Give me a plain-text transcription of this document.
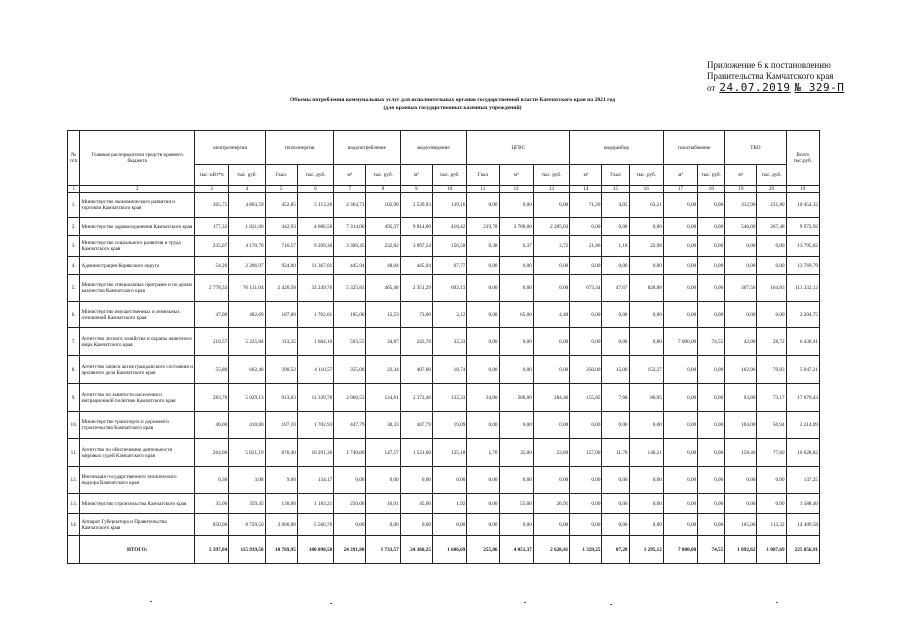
Приложение 6 к постановлению
Правительства Камчатского края
от 24.07.2019 № 329-П
Объемы потребления коммунальных услуг для исполнительных органов государственной власти Камчатского края на 2021 год
(для краевых государственных казенных учреждений)
№ п/п	Главные распорядители средств краевого бюджета	электроэнергия		теплоэнергия		водопотребление		водоотведение		ЦГВС			водоразбор			газоснабжение		ТКО		Всего тыс.руб.
		тыс. кВт*ч	тыс. руб.	Гкал.	тыс. руб.	м³	тыс. руб.	м³	тыс. руб.	Гкал	м³	тыс. руб.	м³	Гкал	тыс. руб.	м³	тыс. руб.	м³	тыс. руб.	
1	2	3	4	5	6	7	8	9	10	11	12	13	14	15	16	17	18	19	20	19
1.	Министерство экономического развития и торговли Камчатского края	365,75	4 803,59	452,85	5 113,26	2 364,73	102,90	2 539,93	139,16	0,00	0,00	0,00	71,20	4,05	63,21	0,00	0,00	312,90	231,80	10 454,32
2.	Министерство здравоохранения Камчатского края	177,32	1 821,06	442,93	4 686,56	7 314,00	495,37	9 814,00	418,42	219,78	3 700,00	2 285,03	0,00	0,00	0,00	0,00	0,00	546,00	267,48	9 973,92
3.	Министерство социального развития и труда Камчатского края	235,07	4 170,70	716,57	9 209,30	3 309,45	232,82	3 097,54	156,50	0,38	6,37	3,72	21,86	1,18	22,98	0,00	0,00	0,00	0,00	13 795,82
4.	Администрация Корякского округа	54,20	2 286,97	924,00	11 367,01	445,94	48,04	445,94	67,77	0,00	0,00	0,00	0,00	0,00	0,00	0,00	0,00	0,00	0,00	13 769,79
5.	Министерство специальных программ и по делам казачества Камчатского края	2 778,33	76 131,04	2 426,58	33 249,76	5 325,83	465,48	2 351,29	692,13	0,00	0,00	0,00	673,34	47,67	828,88	0,00	0,00	307,56	164,83	111 332,12
6.	Министерство имущественных и земельных отношений Камчатского края	47,00	482,69	187,00	1 702,01	185,00	12,53	73,00	3,12	0,00	65,00	4,40	0,00	0,00	0,00	0,00	0,00	0,00	0,00	2 204,75
7.	Агентство лесного хозяйства и охраны животного мира Камчатского края	210,57	5 225,84	113,35	1 604,10	593,55	34,87	243,70	32,33	0,00	0,00	0,00	0,00	0,00	0,00	7 000,00	74,55	42,00	28,72	6 430,41
8.	Агентство записи актов гражданского состояния и архивного дела Камчатского края	55,80	662,46	390,52	4 110,57	355,00	22,34	407,00	18,74	0,00	0,00	0,00	250,00	15,00	153,27	0,00	0,00	162,96	79,83	5 047,21
9.	Агентство по занятости населения и миграционной политике Камчатского края	283,70	5 029,13	913,63	11 339,78	2 060,53	124,61	2 372,46	132,33	34,00	200,00	284,46	155,85	7,68	86,95	0,00	0,00	93,80	73,17	17 070,43
10.	Министерство транспорта и дорожного строительства Камчатского края	40,00	410,80	187,10	1 702,93	447,79	30,33	447,79	19,09	0,00	0,00	0,00	0,00	0,00	0,00	0,00	0,00	104,00	50,94	2 214,09
11.	Агентство по обеспечению деятельности мировых судей Камчатского края	264,00	5 821,19	876,40	10 291,36	1 740,00	147,57	1 531,60	125,18	1,70	35,00	23,89	157,00	11,70	140,21	0,00	0,00	158,40	77,60	16 628,82
12.	Инспекция государственного технического надзора Камчатского края	0,30	3,08	9,00	134,17	0,00	0,00	0,00	0,00	0,00	0,00	0,00	0,00	0,00	0,00	0,00	0,00	0,00	0,00	137,25
13.	Министерство строительства Камчатского края	35,00	359,45	130,00	1 183,21	250,00	16,91	45,00	1,92	0,00	55,00	26,91	0,00	0,00	0,00	0,00	0,00	0,00	0,00	1 588,40
14.	Аппарат Губернатора и Правительства Камчатского края	850,00	8 729,50	3 000,00	5 566,76	0,00	0,00	0,00	0,00	0,00	0,00	0,00	0,00	0,00	0,00	0,00	0,00	165,00	113,32	14 409,58
	ИТОГО:	5 397,04	115 939,50	10 769,95	100 090,58	24 391,80	1 733,57	24 360,25	1 606,69	255,86	4 051,37	2 628,41	1 329,25	87,28	1 295,12	7 000,00	74,55	1 892,62	1 087,69	225 056,91
